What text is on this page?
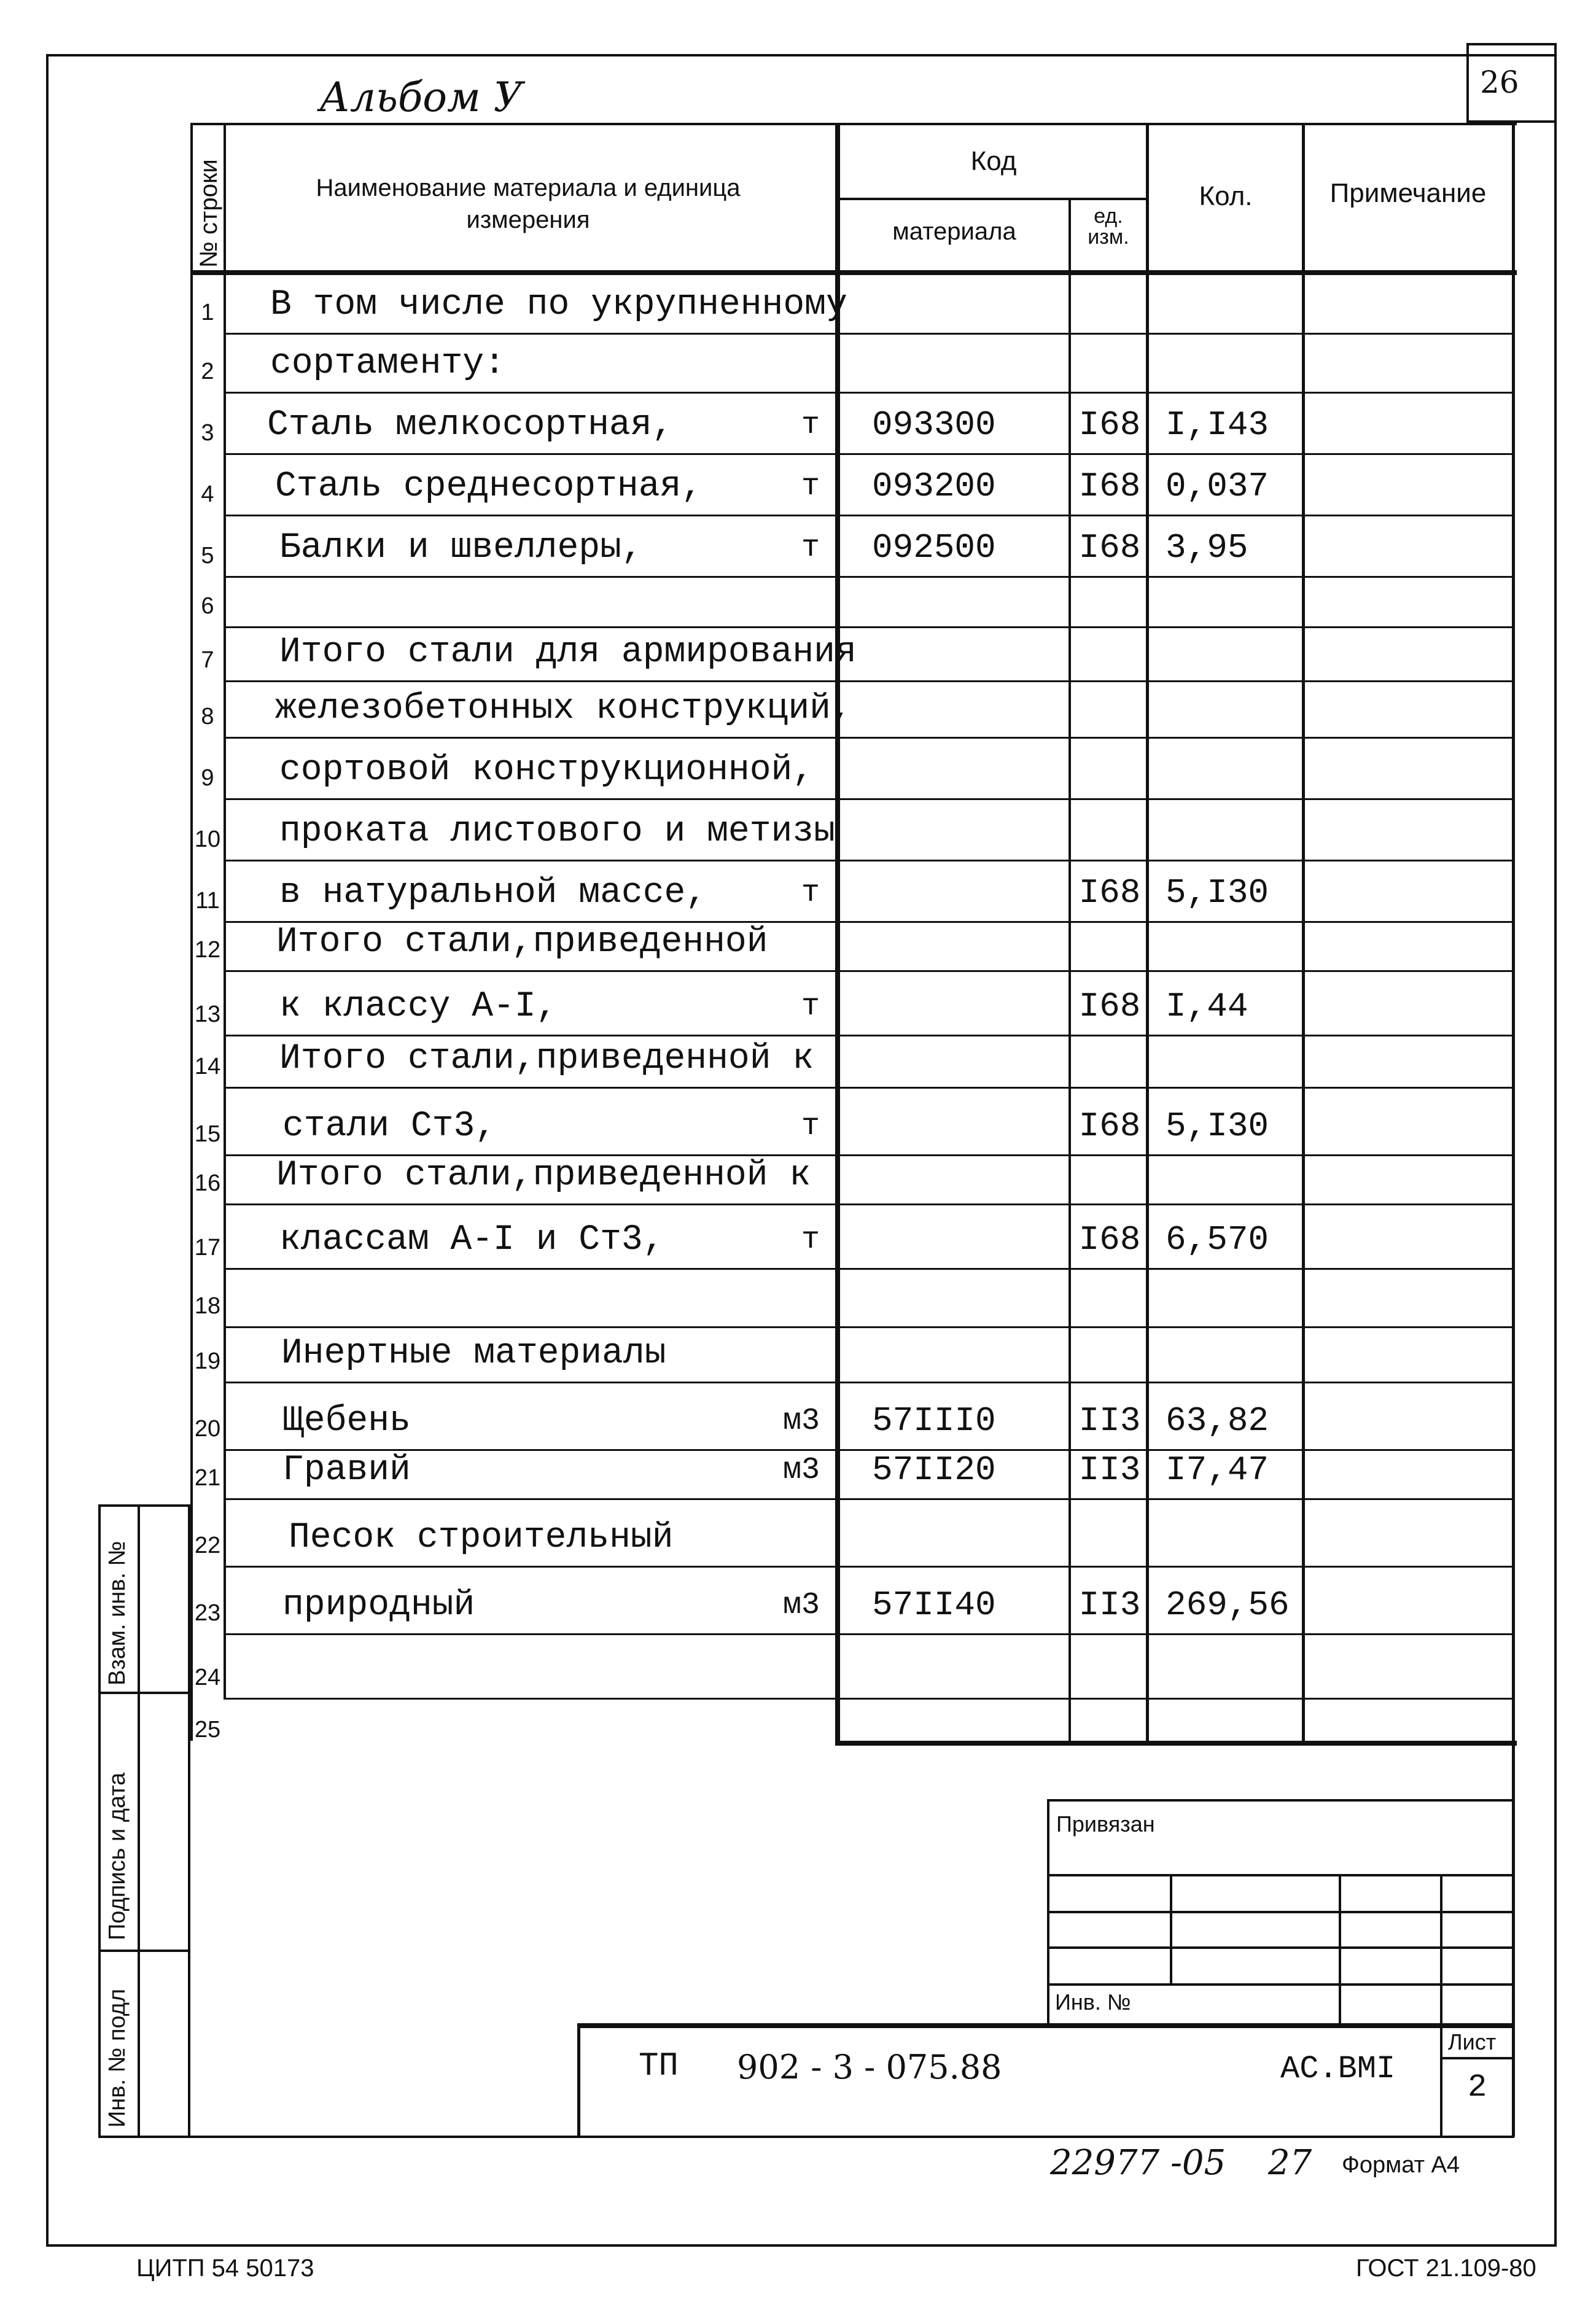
Альбом У	26
№ строки	Наименование материала и единица измерения
Код
материала
ед. изм.
Кол.	Примечание
1 В том числе по укрупненному
2 сортаменту:
3 Сталь мелкосортная,	т 093300 I68 I,I43
4 Сталь среднесортная,	т 093200 I68 0,037
5 Балки и швеллеры,	т 092500 I68 3,95
6
7 Итого стали для армирования
8 железобетонных конструкций,
9 сортовой конструкционной,
10 проката листового и метизы
11 в натуральной массе,	т	I68 5,I30
12 Итого стали,приведенной
13 к классу А-I,	т	I68 I,44
14 Итого стали,приведенной к
15 стали Ст3,	т	I68 5,I30
16 Итого стали,приведенной к
17 классам А-I и Ст3,	т	I68 6,570
18
19 Инертные материалы
20 Щебень	м3 57III0 II3 63,82
21 Гравий	м3 57II20 II3 I7,47
22 Песок строительный
23 природный	м3 57II40 II3 269,56
24
25
Взам. инв. №
Подпись и дата
Инв. № подл
Привязан
Инв. №
ТП 902 - 3 - 075.88	АС.ВМI
Лист
2
22977 -05 27 Формат А4
ЦИТП 54 50173	ГОСТ 21.109-80
